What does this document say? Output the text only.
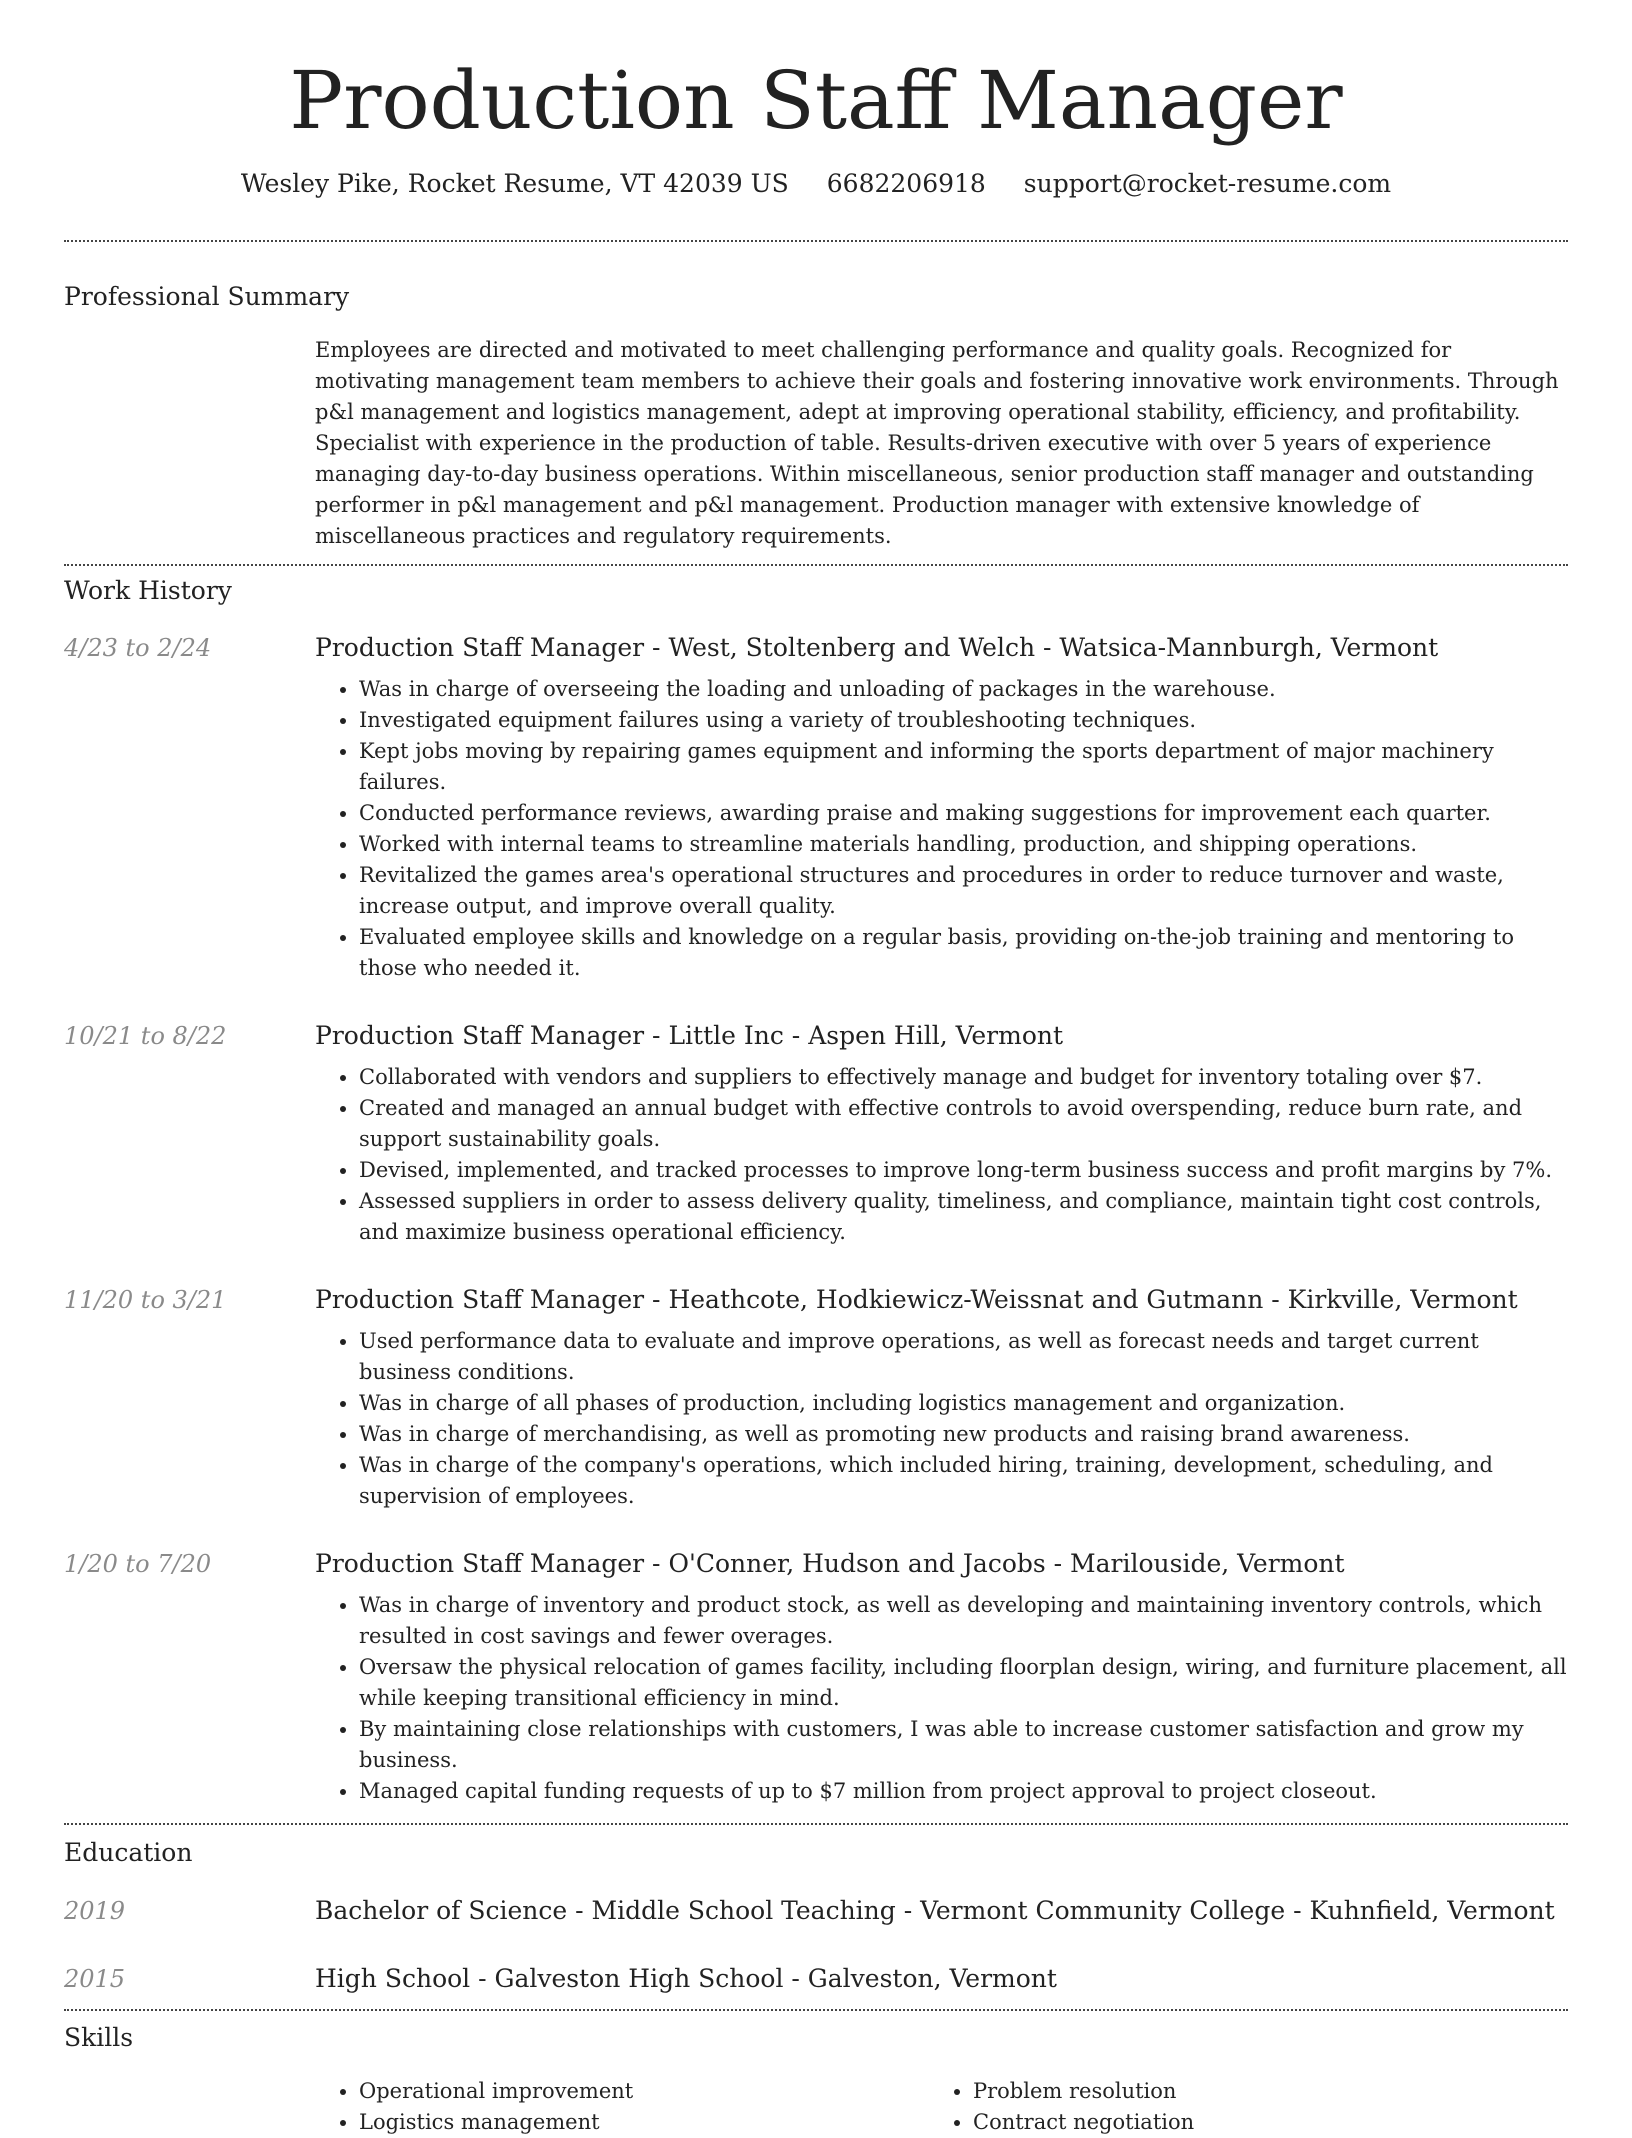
Production Staff Manager
Wesley Pike, Rocket Resume, VT 42039 US 6682206918 support@rocket-resume.com
Professional Summary

Employees are directed and motivated to meet challenging performance and quality goals. Recognized for motivating management team members to achieve their goals and fostering innovative work environments. Through p&l management and logistics management, adept at improving operational stability, efficiency, and profitability. Specialist with experience in the production of table. Results-driven executive with over 5 years of experience managing day-to-day business operations. Within miscellaneous, senior production staff manager and outstanding performer in p&l management and p&l management. Production manager with extensive knowledge of miscellaneous practices and regulatory requirements.

Work History
4/23 to 2/24	Production Staff Manager - West, Stoltenberg and Welch - Watsica-Mannburgh, Vermont
• Was in charge of overseeing the loading and unloading of packages in the warehouse.
• Investigated equipment failures using a variety of troubleshooting techniques.
• Kept jobs moving by repairing games equipment and informing the sports department of major machinery failures.
• Conducted performance reviews, awarding praise and making suggestions for improvement each quarter.
• Worked with internal teams to streamline materials handling, production, and shipping operations.
• Revitalized the games area's operational structures and procedures in order to reduce turnover and waste, increase output, and improve overall quality.
• Evaluated employee skills and knowledge on a regular basis, providing on-the-job training and mentoring to those who needed it.
10/21 to 8/22	Production Staff Manager - Little Inc - Aspen Hill, Vermont
• Collaborated with vendors and suppliers to effectively manage and budget for inventory totaling over $7.
• Created and managed an annual budget with effective controls to avoid overspending, reduce burn rate, and support sustainability goals.
• Devised, implemented, and tracked processes to improve long-term business success and profit margins by 7%.
• Assessed suppliers in order to assess delivery quality, timeliness, and compliance, maintain tight cost controls, and maximize business operational efficiency.
11/20 to 3/21	Production Staff Manager - Heathcote, Hodkiewicz-Weissnat and Gutmann - Kirkville, Vermont
• Used performance data to evaluate and improve operations, as well as forecast needs and target current business conditions.
• Was in charge of all phases of production, including logistics management and organization.
• Was in charge of merchandising, as well as promoting new products and raising brand awareness.
• Was in charge of the company's operations, which included hiring, training, development, scheduling, and supervision of employees.
1/20 to 7/20	Production Staff Manager - O'Conner, Hudson and Jacobs - Marilouside, Vermont
• Was in charge of inventory and product stock, as well as developing and maintaining inventory controls, which resulted in cost savings and fewer overages.
• Oversaw the physical relocation of games facility, including floorplan design, wiring, and furniture placement, all while keeping transitional efficiency in mind.
• By maintaining close relationships with customers, I was able to increase customer satisfaction and grow my business.
• Managed capital funding requests of up to $7 million from project approval to project closeout.
Education
2019	Bachelor of Science - Middle School Teaching - Vermont Community College - Kuhnfield, Vermont
2015	High School - Galveston High School - Galveston, Vermont
Skills
• Operational improvement
• Logistics management
• Problem resolution
• Contract negotiation
